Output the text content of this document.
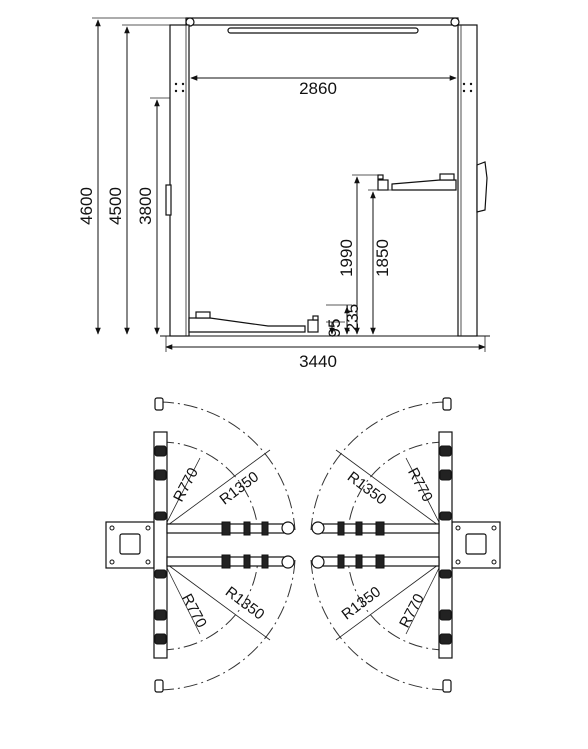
4600 4500 3800
2860
3440
1990 1850
95 235
R770 R1350
R770 R1350
R770
R1350
R770
R1350
